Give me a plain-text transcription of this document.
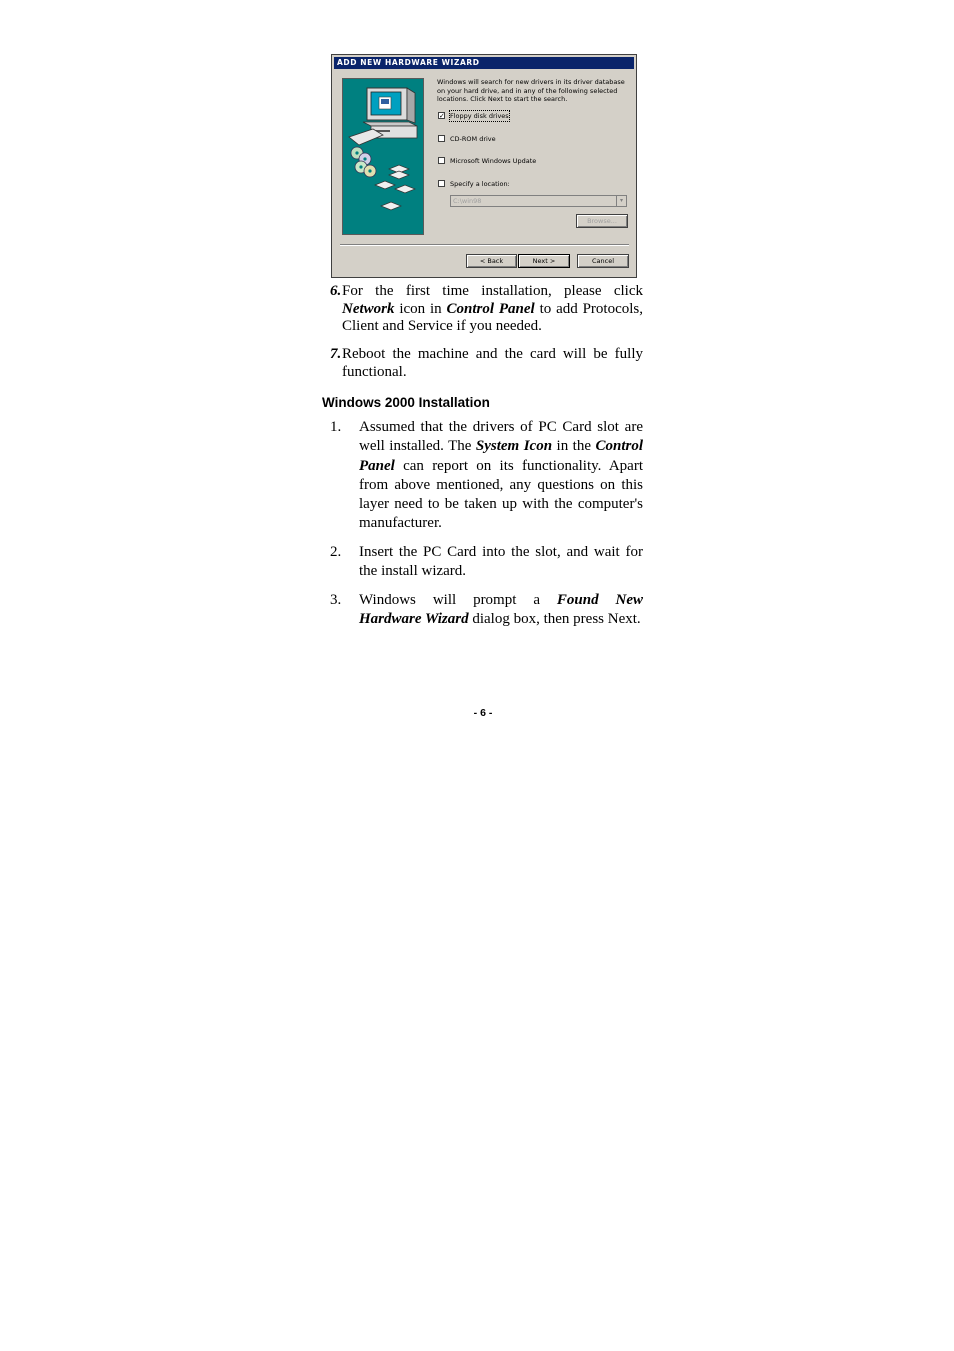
ADD NEW HARDWARE WIZARD
Windows will search for new drivers in its driver database on your hard drive, and in any of the following selected locations. Click Next to start the search.
✓ Floppy disk drives
CD-ROM drive
Microsoft Windows Update
Specify a location:
C:\win98	▾
Browse...
< Back	Next >	Cancel
6. For the first time installation, please click Network icon in Control Panel to add Protocols, Client and Service if you needed.
7. Reboot the machine and the card will be fully functional.
Windows 2000 Installation
1. Assumed that the drivers of PC Card slot are well installed. The System Icon in the Control Panel can report on its functionality. Apart from above mentioned, any questions on this layer need to be taken up with the computer's manufacturer.
2. Insert the PC Card into the slot, and wait for the install wizard.
3. Windows will prompt a Found New Hardware Wizard dialog box, then press Next.
- 6 -
